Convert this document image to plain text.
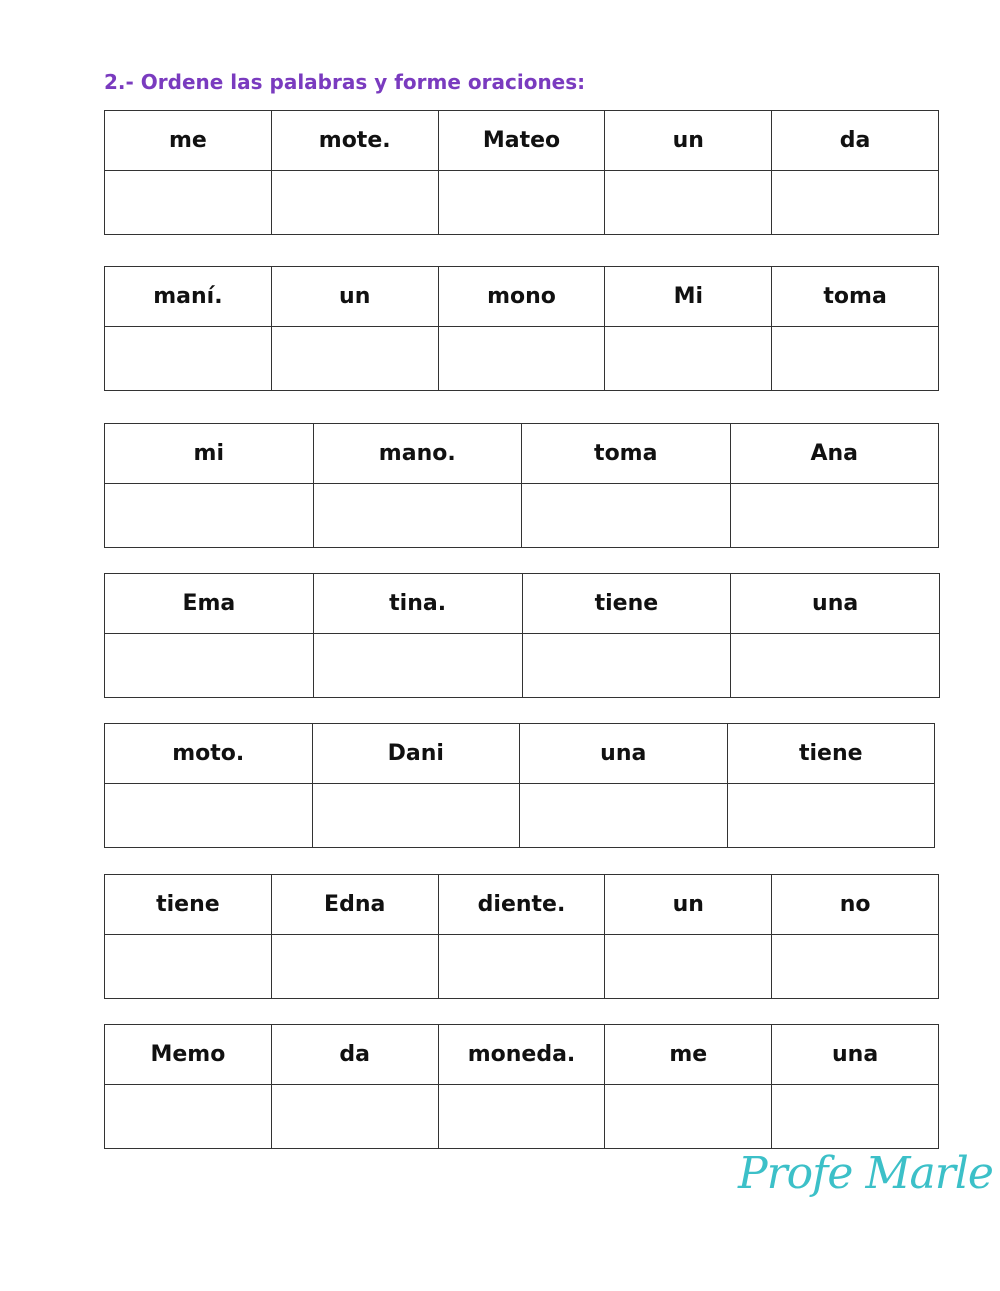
2.- Ordene las palabras y forme oraciones:
me	mote.	Mateo	un	da

maní.	un	mono	Mi	toma

mi	mano.	toma	Ana

Ema	tina.	tiene	una

moto.	Dani	una	tiene

tiene	Edna	diente.	un	no

Memo	da	moneda.	me	una

Profe Marle
